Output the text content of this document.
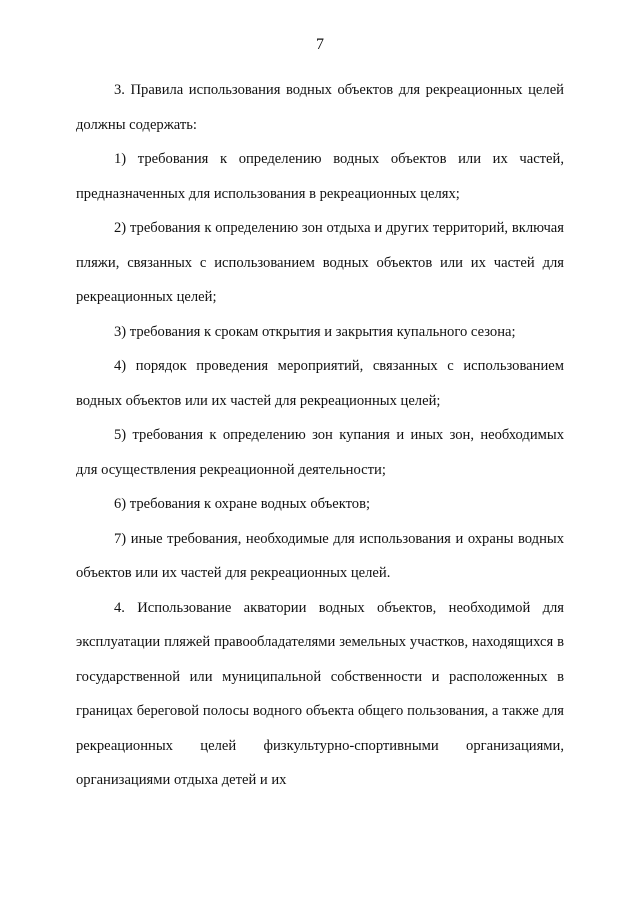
7

3. Правила использования водных объектов для рекреационных целей должны содержать:

1) требования к определению водных объектов или их частей, предназначенных для использования в рекреационных целях;

2) требования к определению зон отдыха и других территорий, включая пляжи, связанных с использованием водных объектов или их частей для рекреационных целей;

3) требования к срокам открытия и закрытия купального сезона;

4) порядок проведения мероприятий, связанных с использованием водных объектов или их частей для рекреационных целей;

5) требования к определению зон купания и иных зон, необходимых для осуществления рекреационной деятельности;

6) требования к охране водных объектов;

7) иные требования, необходимые для использования и охраны водных объектов или их частей для рекреационных целей.

4. Использование акватории водных объектов, необходимой для эксплуатации пляжей правообладателями земельных участков, находящихся в государственной или муниципальной собственности и расположенных в границах береговой полосы водного объекта общего пользования, а также для рекреационных целей физкультурно-спортивными организациями, организациями отдыха детей и их
